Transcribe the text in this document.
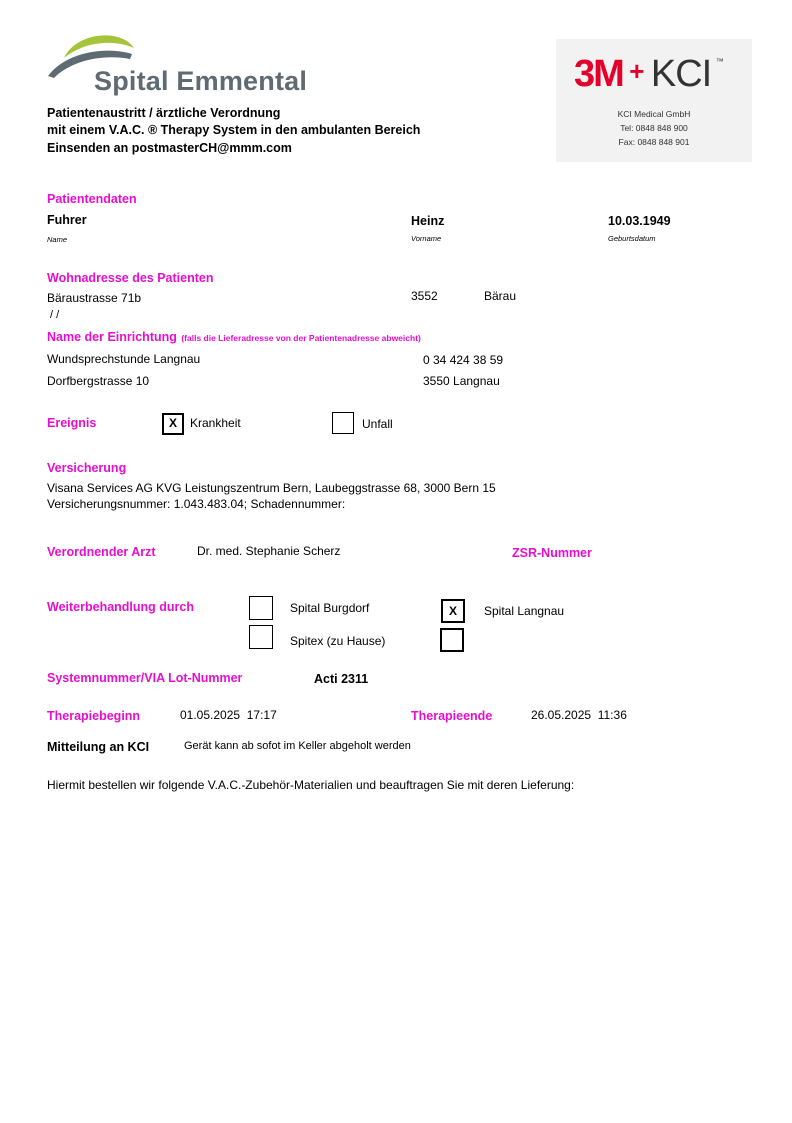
Spital Emmental
Patientenaustritt / ärztliche Verordnung
mit einem V.A.C. ® Therapy System in den ambulanten Bereich
Einsenden an postmasterCH@mmm.com
3M + KCI ™
KCI Medical GmbH
Tel: 0848 848 900
Fax: 0848 848 901
Patientendaten
Fuhrer
Name
Heinz
Vorname
10.03.1949
Geburtsdatum
Wohnadresse des Patienten
Bäraustrasse 71b	3552	Bärau
/ /
Name der Einrichtung (falls die Lieferadresse von der Patientenadresse abweicht)
Wundsprechstunde Langnau	0 34 424 38 59
Dorfbergstrasse 10	3550 Langnau
Ereignis	X	Krankheit	Unfall
Versicherung
Visana Services AG KVG Leistungszentrum Bern, Laubeggstrasse 68, 3000 Bern 15
Versicherungsnummer: 1.043.483.04; Schadennummer:
Verordnender Arzt	Dr. med. Stephanie Scherz	ZSR-Nummer
Weiterbehandlung durch	Spital Burgdorf	X	Spital Langnau
Spitex (zu Hause)
Systemnummer/VIA Lot-Nummer	Acti 2311
Therapiebeginn	01.05.2025  17:17	Therapieende	26.05.2025  11:36
Mitteilung an KCI	Gerät kann ab sofot im Keller abgeholt werden
Hiermit bestellen wir folgende V.A.C.-Zubehör-Materialien und beauftragen Sie mit deren Lieferung:
